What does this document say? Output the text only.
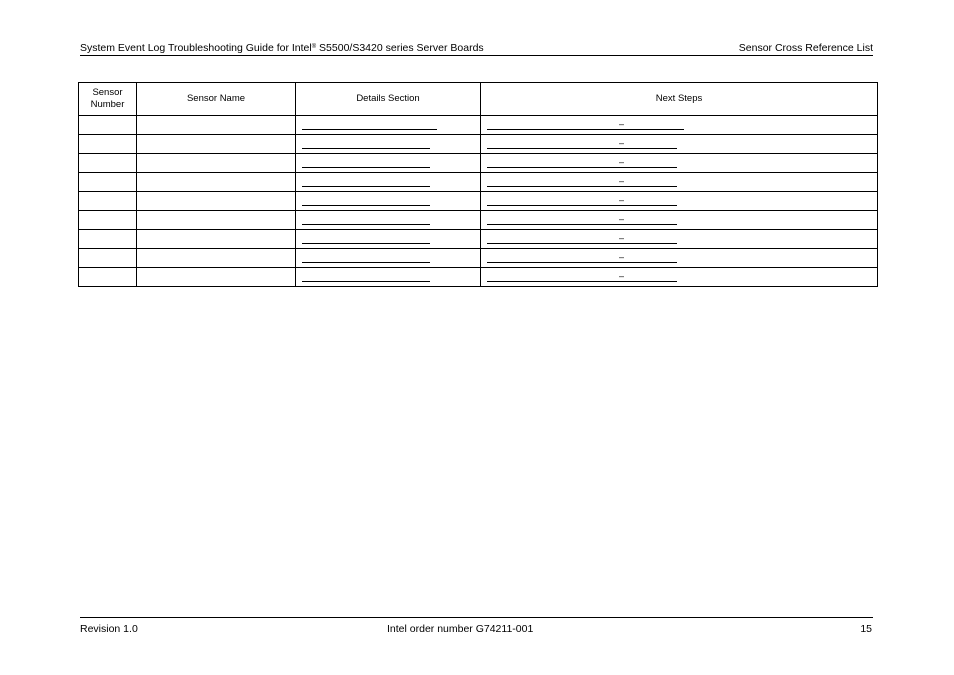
System Event Log Troubleshooting Guide for Intel® S5500/S3420 series Server Boards	Sensor Cross Reference List
Sensor
Number	Sensor Name	Details Section	Next Steps

			–

			–

			–

			–

			–

			–

			–

			–

			–
Revision 1.0	Intel order number G74211-001	15
